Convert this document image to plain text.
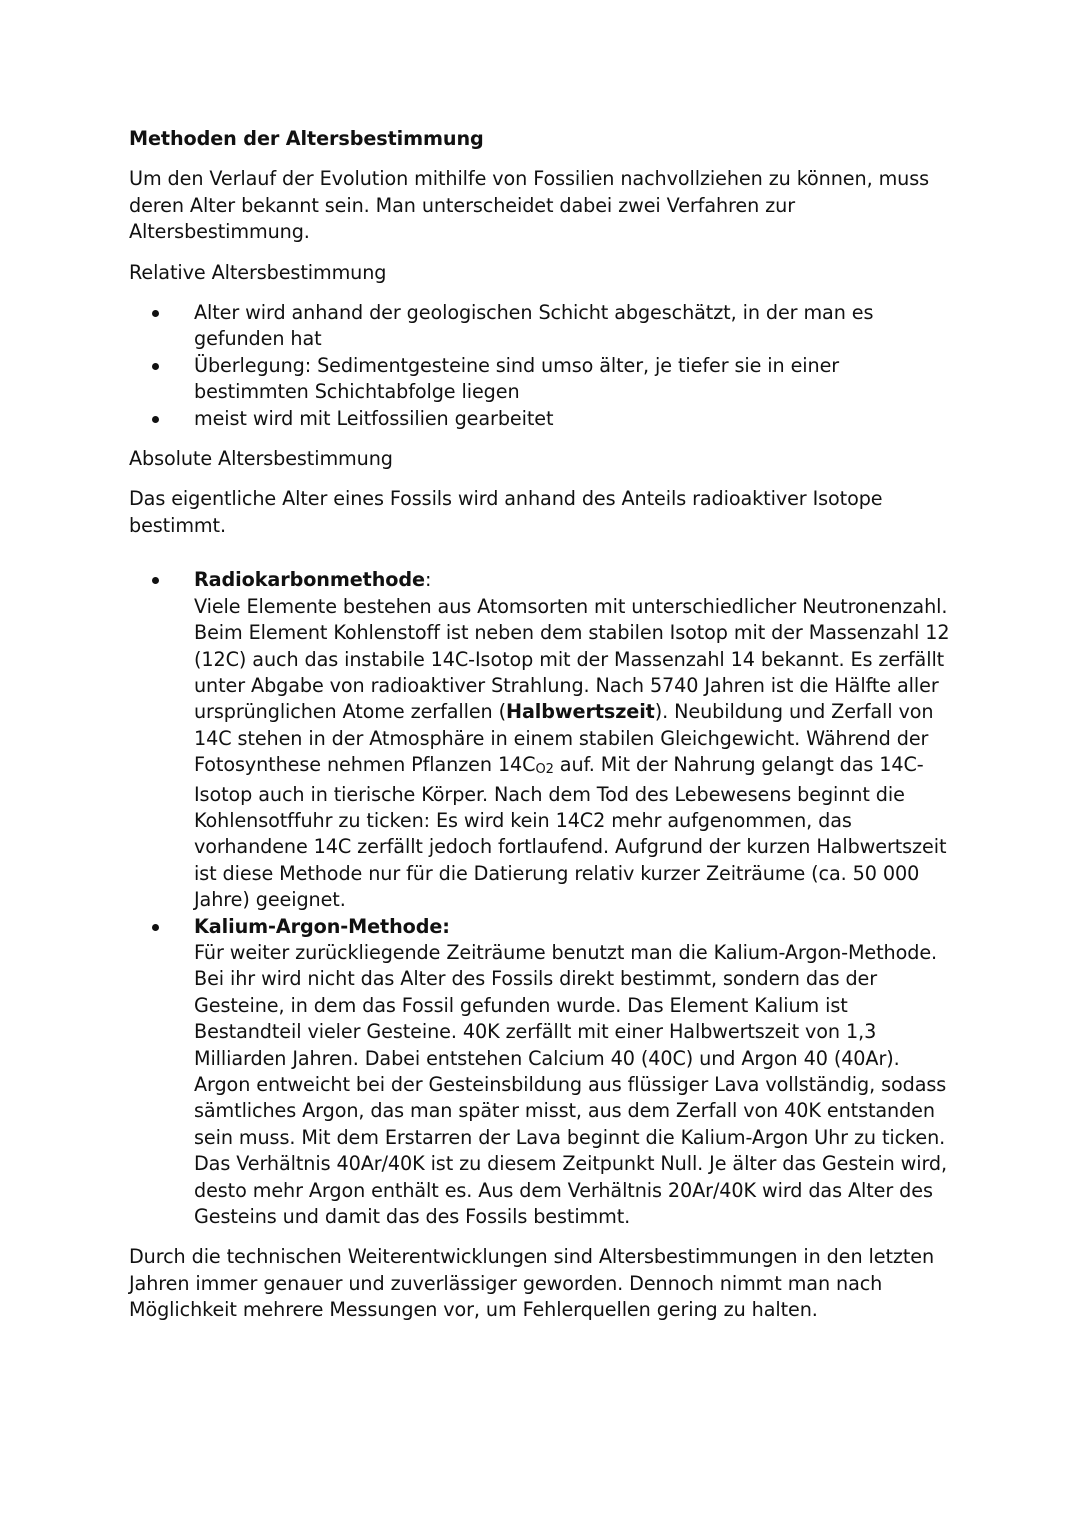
Methoden der Altersbestimmung
Um den Verlauf der Evolution mithilfe von Fossilien nachvollziehen zu können, muss deren Alter bekannt sein. Man unterscheidet dabei zwei Verfahren zur Altersbestimmung.
Relative Altersbestimmung
Alter wird anhand der geologischen Schicht abgeschätzt, in der man es gefunden hat
Überlegung: Sedimentgesteine sind umso älter, je tiefer sie in einer bestimmten Schichtabfolge liegen
meist wird mit Leitfossilien gearbeitet
Absolute Altersbestimmung
Das eigentliche Alter eines Fossils wird anhand des Anteils radioaktiver Isotope bestimmt.
Radiokarbonmethode:
Viele Elemente bestehen aus Atomsorten mit unterschiedlicher Neutronenzahl. Beim Element Kohlenstoff ist neben dem stabilen Isotop mit der Massenzahl 12 (12C) auch das instabile 14C-Isotop mit der Massenzahl 14 bekannt. Es zerfällt unter Abgabe von radioaktiver Strahlung. Nach 5740 Jahren ist die Hälfte aller ursprünglichen Atome zerfallen (Halbwertszeit). Neubildung und Zerfall von 14C stehen in der Atmosphäre in einem stabilen Gleichgewicht. Während der Fotosynthese nehmen Pflanzen $14C_{O2}$ auf. Mit der Nahrung gelangt das 14C-Isotop auch in tierische Körper. Nach dem Tod des Lebewesens beginnt die Kohlensotffuhr zu ticken: Es wird kein 14C2 mehr aufgenommen, das vorhandene 14C zerfällt jedoch fortlaufend. Aufgrund der kurzen Halbwertszeit ist diese Methode nur für die Datierung relativ kurzer Zeiträume (ca. 50 000 Jahre) geeignet.
Kalium-Argon-Methode:
Für weiter zurückliegende Zeiträume benutzt man die Kalium-Argon-Methode. Bei ihr wird nicht das Alter des Fossils direkt bestimmt, sondern das der Gesteine, in dem das Fossil gefunden wurde. Das Element Kalium ist Bestandteil vieler Gesteine. 40K zerfällt mit einer Halbwertszeit von 1,3 Milliarden Jahren. Dabei entstehen Calcium 40 (40C) und Argon 40 (40Ar). Argon entweicht bei der Gesteinsbildung aus flüssiger Lava vollständig, sodass sämtliches Argon, das man später misst, aus dem Zerfall von 40K entstanden sein muss. Mit dem Erstarren der Lava beginnt die Kalium-Argon Uhr zu ticken. Das Verhältnis 40Ar/40K ist zu diesem Zeitpunkt Null. Je älter das Gestein wird, desto mehr Argon enthält es. Aus dem Verhältnis 20Ar/40K wird das Alter des Gesteins und damit das des Fossils bestimmt.
Durch die technischen Weiterentwicklungen sind Altersbestimmungen in den letzten Jahren immer genauer und zuverlässiger geworden. Dennoch nimmt man nach Möglichkeit mehrere Messungen vor, um Fehlerquellen gering zu halten.
